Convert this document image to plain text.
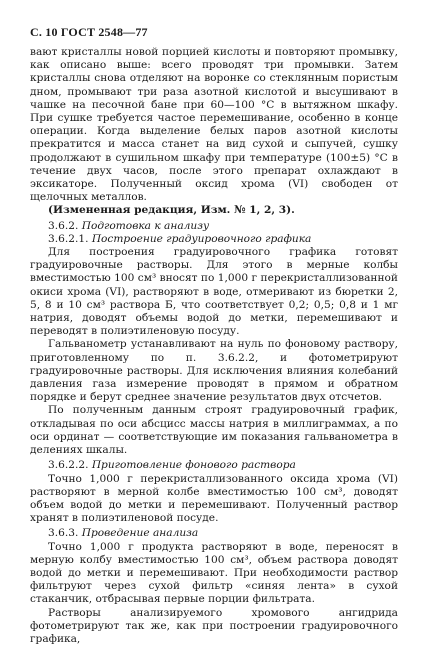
С. 10 ГОСТ 2548—77

вают кристаллы новой порцией кислоты и повторяют промывку, как описано выше: всего проводят три промывки. Затем кристаллы снова отделяют на воронке со стеклянным пористым дном, промывают три раза азотной кислотой и высушивают в чашке на песочной бане при 60—100 °С в вытяжном шкафу. При сушке требуется частое перемешивание, особенно в конце операции. Когда выделение белых паров азотной кислоты прекратится и масса станет на вид сухой и сыпучей, сушку продолжают в сушильном шкафу при температуре (100±5) °С в течение двух часов, после этого препарат охлаждают в эксикаторе. Полученный оксид хрома (VI) свободен от щелочных металлов.

(Измененная редакция, Изм. № 1, 2, 3).

3.6.2. Подготовка к анализу

3.6.2.1. Построение градуировочного графика

Для построения градуировочного графика готовят градуировочные растворы. Для этого в мерные колбы вместимостью 100 см³ вносят по 1,000 г перекристаллизованной окиси хрома (VI), растворяют в воде, отмеривают из бюретки 2, 5, 8 и 10 см³ раствора Б, что соответствует 0,2; 0,5; 0,8 и 1 мг натрия, доводят объемы водой до метки, перемешивают и переводят в полиэтиленовую посуду.

Гальванометр устанавливают на нуль по фоновому раствору, приготовленному по п. 3.6.2.2, и фотометрируют градуировочные растворы. Для исключения влияния колебаний давления газа измерение проводят в прямом и обратном порядке и берут среднее значение результатов двух отсчетов.

По полученным данным строят градуировочный график, откладывая по оси абсцисс массы натрия в миллиграммах, а по оси ординат — соответствующие им показания гальванометра в делениях шкалы.

3.6.2.2. Приготовление фонового раствора

Точно 1,000 г перекристаллизованного оксида хрома (VI) растворяют в мерной колбе вместимостью 100 см³, доводят объем водой до метки и перемешивают. Полученный раствор хранят в полиэтиленовой посуде.

3.6.3. Проведение анализа

Точно 1,000 г продукта растворяют в воде, переносят в мерную колбу вместимостью 100 см³, объем раствора доводят водой до метки и перемешивают. При необходимости раствор фильтруют через сухой фильтр «синяя лента» в сухой стаканчик, отбрасывая первые порции фильтрата.

Растворы анализируемого хромового ангидрида фотометрируют так же, как при построении градуировочного графика,
